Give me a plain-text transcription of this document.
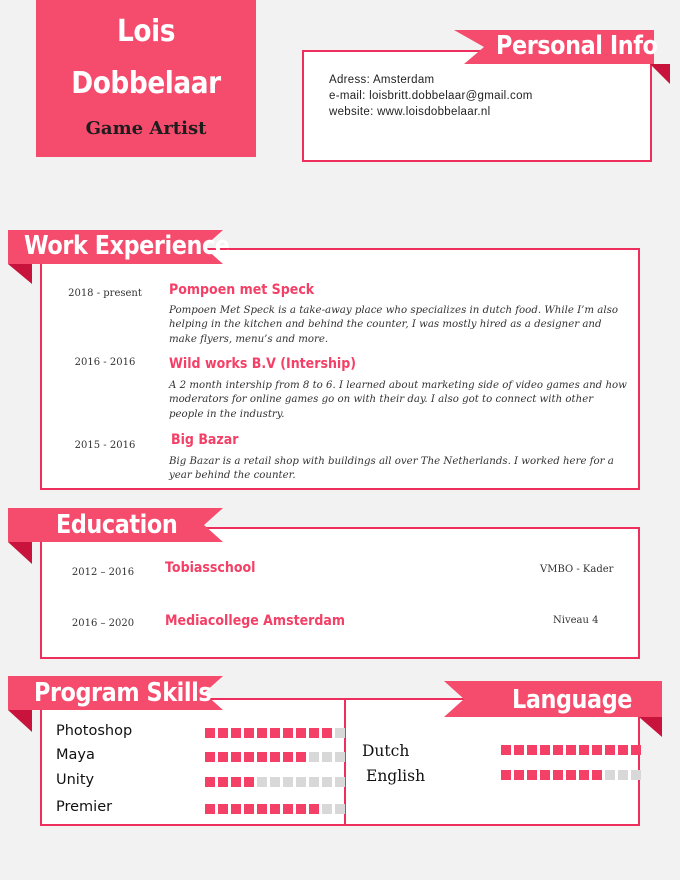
Lois
Dobbelaar
Game Artist
Adress: Amsterdam
e-mail: loisbritt.dobbelaar@gmail.com
website: www.loisdobbelaar.nl
Personal Info
Work Experience
2018 - present	Pompoen met Speck
Pompoen Met Speck is a take-away place who specializes in dutch food. While I’m also helping in the kitchen and behind the counter, I was mostly hired as a designer and make flyers, menu’s and more.
2016 - 2016	Wild works B.V (Intership)
A 2 month intership from 8 to 6. I learned about marketing side of video games and how moderators for online games go on with their day. I also got to connect with other people in the industry.
2015 - 2016	Big Bazar
Big Bazar is a retail shop with buildings all over The Netherlands. I worked here for a year behind the counter.
Education
2012 – 2016	Tobiasschool	VMBO - Kader
2016 – 2020	Mediacollege Amsterdam	Niveau 4
Program Skills	Language
Photoshop
Maya
Unity
Premier
Dutch
English
